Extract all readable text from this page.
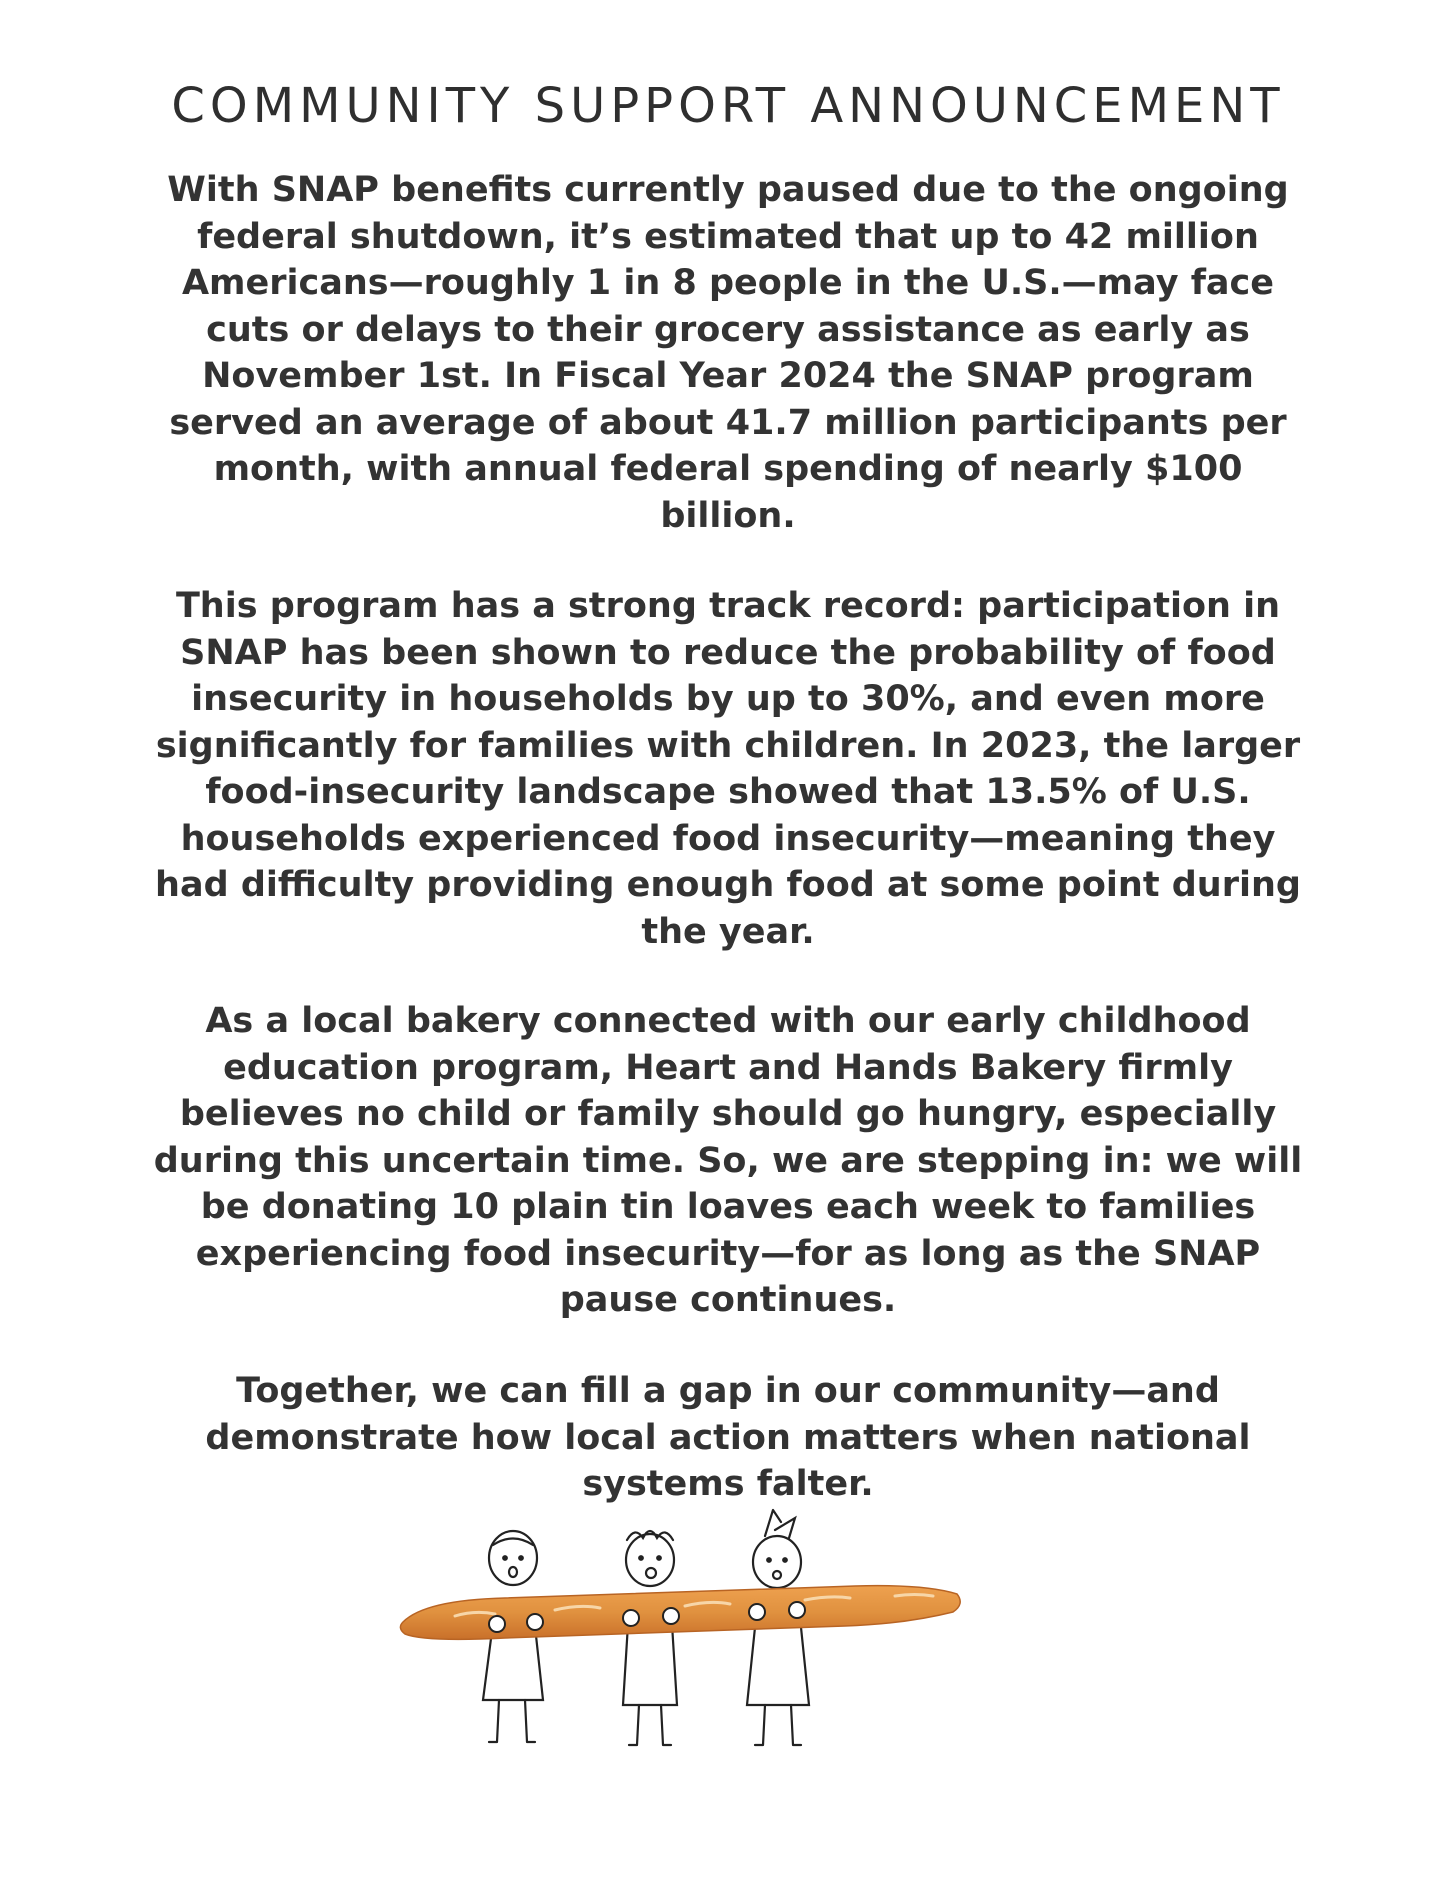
COMMUNITY SUPPORT ANNOUNCEMENT

With SNAP benefits currently paused due to the ongoing federal shutdown, it’s estimated that up to 42 million Americans—roughly 1 in 8 people in the U.S.—may face cuts or delays to their grocery assistance as early as November 1st. In Fiscal Year 2024 the SNAP program served an average of about 41.7 million participants per month, with annual federal spending of nearly $100 billion.

This program has a strong track record: participation in SNAP has been shown to reduce the probability of food insecurity in households by up to 30%, and even more significantly for families with children. In 2023, the larger food-insecurity landscape showed that 13.5% of U.S. households experienced food insecurity—meaning they had difficulty providing enough food at some point during the year.

As a local bakery connected with our early childhood education program, Heart and Hands Bakery firmly believes no child or family should go hungry, especially during this uncertain time. So, we are stepping in: we will be donating 10 plain tin loaves each week to families experiencing food insecurity—for as long as the SNAP pause continues.

Together, we can fill a gap in our community—and demonstrate how local action matters when national systems falter.
